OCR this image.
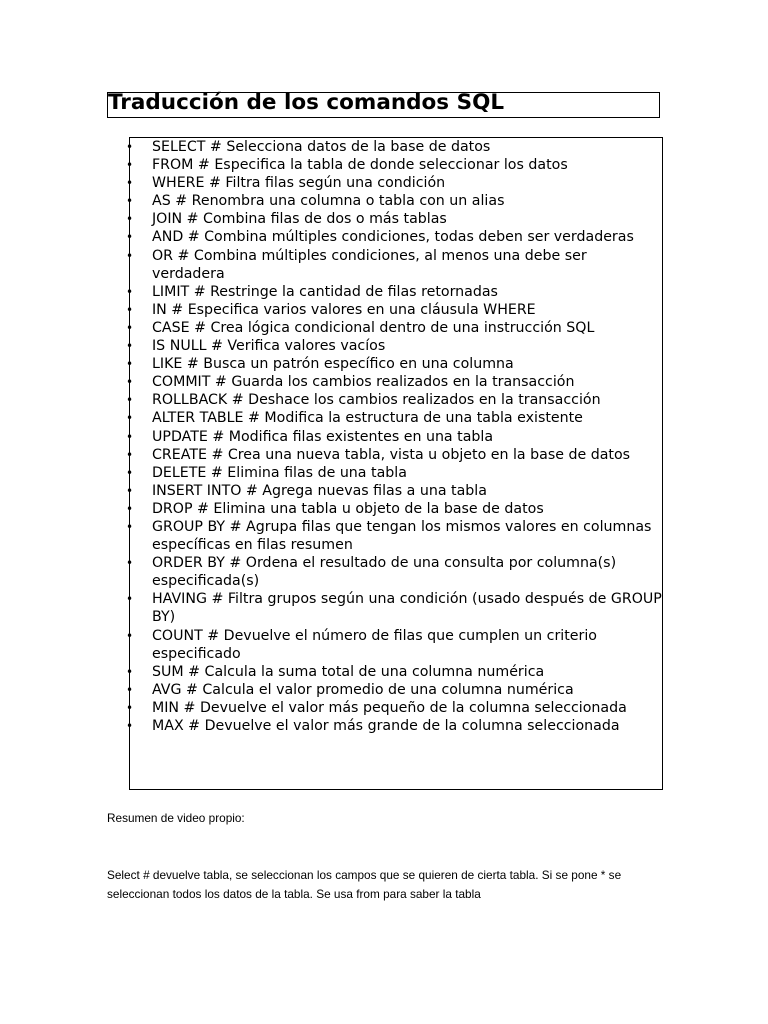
Traducción de los comandos SQL
• SELECT # Selecciona datos de la base de datos
• FROM # Especifica la tabla de donde seleccionar los datos
• WHERE # Filtra filas según una condición
• AS # Renombra una columna o tabla con un alias
• JOIN # Combina filas de dos o más tablas
• AND # Combina múltiples condiciones, todas deben ser verdaderas
• OR # Combina múltiples condiciones, al menos una debe ser verdadera
• LIMIT # Restringe la cantidad de filas retornadas
• IN # Especifica varios valores en una cláusula WHERE
• CASE # Crea lógica condicional dentro de una instrucción SQL
• IS NULL # Verifica valores vacíos
• LIKE # Busca un patrón específico en una columna
• COMMIT # Guarda los cambios realizados en la transacción
• ROLLBACK # Deshace los cambios realizados en la transacción
• ALTER TABLE # Modifica la estructura de una tabla existente
• UPDATE # Modifica filas existentes en una tabla
• CREATE # Crea una nueva tabla, vista u objeto en la base de datos
• DELETE # Elimina filas de una tabla
• INSERT INTO # Agrega nuevas filas a una tabla
• DROP # Elimina una tabla u objeto de la base de datos
• GROUP BY # Agrupa filas que tengan los mismos valores en columnas específicas en filas resumen
• ORDER BY # Ordena el resultado de una consulta por columna(s) especificada(s)
• HAVING # Filtra grupos según una condición (usado después de GROUP BY)
• COUNT # Devuelve el número de filas que cumplen un criterio especificado
• SUM # Calcula la suma total de una columna numérica
• AVG # Calcula el valor promedio de una columna numérica
• MIN # Devuelve el valor más pequeño de la columna seleccionada
• MAX # Devuelve el valor más grande de la columna seleccionada
Resumen de video propio:
Select # devuelve tabla, se seleccionan los campos que se quieren de cierta tabla. Si se pone * se seleccionan todos los datos de la tabla. Se usa from para saber la tabla
